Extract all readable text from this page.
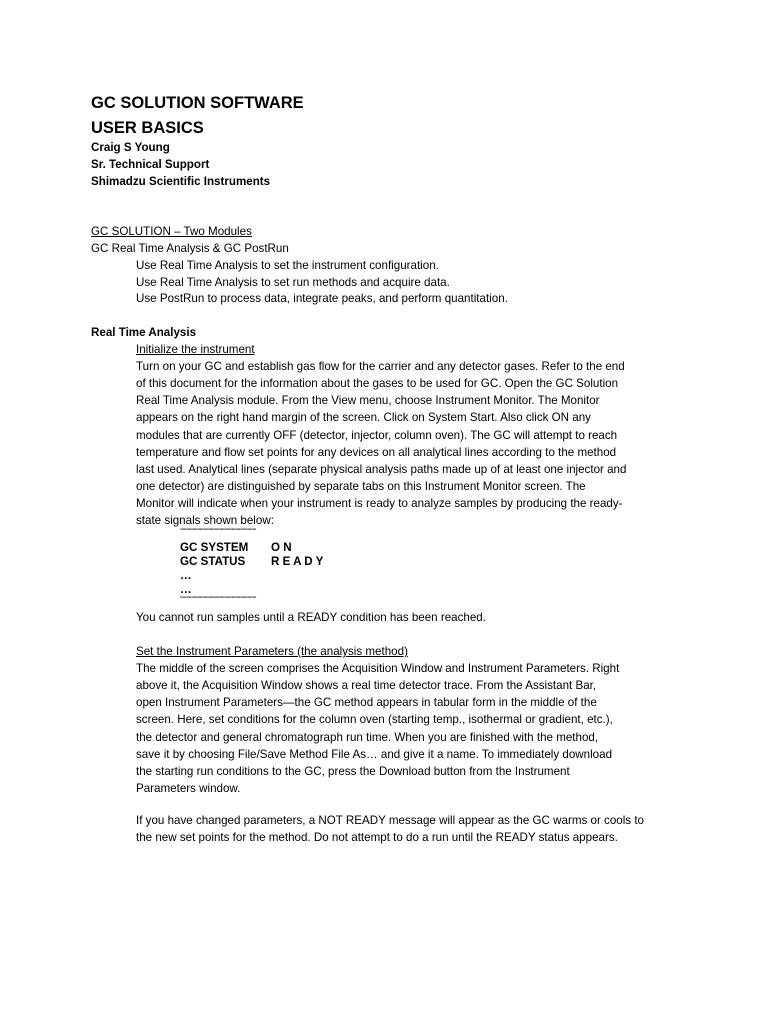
GC SOLUTION SOFTWARE
USER BASICS
Craig S Young
Sr. Technical Support
Shimadzu Scientific Instruments
GC SOLUTION – Two Modules
GC Real Time Analysis & GC PostRun
Use Real Time Analysis to set the instrument configuration.
Use Real Time Analysis to set run methods and acquire data.
Use PostRun to process data, integrate peaks, and perform quantitation.
Real Time Analysis
Initialize the instrument
Turn on your GC and establish gas flow for the carrier and any detector gases. Refer to the end
of this document for the information about the gases to be used for GC. Open the GC Solution
Real Time Analysis module. From the View menu, choose Instrument Monitor. The Monitor
appears on the right hand margin of the screen. Click on System Start. Also click ON any
modules that are currently OFF (detector, injector, column oven). The GC will attempt to reach
temperature and flow set points for any devices on all analytical lines according to the method
last used. Analytical lines (separate physical analysis paths made up of at least one injector and
one detector) are distinguished by separate tabs on this Instrument Monitor screen. The
Monitor will indicate when your instrument is ready to analyze samples by producing the ready-
state signals shown below:
''''''''''''''''''''''''''''''''''''''''''''''''''''''''''''''''''''''''''''''''''''''''''
GC SYSTEM O N
GC STATUS R E A D Y
…
…
''''''''''''''''''''''''''''''''''''''''''''''''''''''''''''''''''''''''''''''''''''''''''
You cannot run samples until a READY condition has been reached.
Set the Instrument Parameters (the analysis method)
The middle of the screen comprises the Acquisition Window and Instrument Parameters. Right
above it, the Acquisition Window shows a real time detector trace. From the Assistant Bar,
open Instrument Parameters—the GC method appears in tabular form in the middle of the
screen. Here, set conditions for the column oven (starting temp., isothermal or gradient, etc.),
the detector and general chromatograph run time. When you are finished with the method,
save it by choosing File/Save Method File As… and give it a name. To immediately download
the starting run conditions to the GC, press the Download button from the Instrument
Parameters window.
If you have changed parameters, a NOT READY message will appear as the GC warms or cools to
the new set points for the method. Do not attempt to do a run until the READY status appears.
